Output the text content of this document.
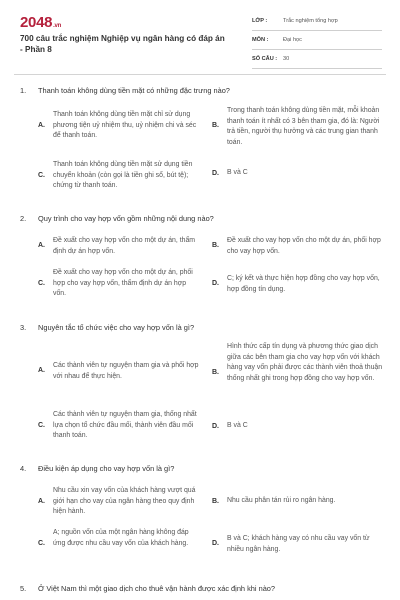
2048.vn
700 câu trắc nghiệm Nghiệp vụ ngân hàng có đáp án - Phần 8
LỚP :	Trắc nghiệm tổng hợp
MÔN :	Đại học
SỐ CÂU :	30
1. Thanh toán không dùng tiền mặt có những đặc trưng nào?
A.
Thanh toán không dùng tiền mặt chỉ sử dụng phương tiện uỷ nhiệm thu, uỷ nhiệm chi và séc để thanh toán.
B.
Trong thanh toán không dùng tiền mặt, mỗi khoản thanh toán ít nhất có 3 bên tham gia, đó là: Người trả tiền, người thụ hưởng và các trung gian thanh toán.
C.
Thanh toán không dùng tiền mặt sử dụng tiền chuyển khoản (còn gọi là tiền ghi sổ, bút tệ); chứng từ thanh toán.
D. B và C
2. Quy trình cho vay hợp vốn gồm những nội dung nào?
A.
Đề xuất cho vay hợp vốn cho một dự án, thẩm định dự án hợp vốn.
B.
Đề xuất cho vay hợp vốn cho một dự án, phối hợp cho vay hợp vốn.
C.
Đề xuất cho vay hợp vốn cho một dự án, phối hợp cho vay hợp vốn, thẩm định dự án hợp vốn.
D.
C; ký kết và thực hiện hợp đồng cho vay hợp vốn, hợp đồng tín dụng.
3. Nguyên tắc tổ chức việc cho vay hợp vốn là gì?
A.
Các thành viên tự nguyện tham gia và phối hợp với nhau để thực hiện.	B.
Hình thức cấp tín dụng và phương thức giao dịch giữa các bên tham gia cho vay hợp vốn với khách hàng vay vốn phải được các thành viên thoả thuận thống nhất ghi trong hợp đồng cho vay hợp vốn.
C.
Các thành viên tự nguyện tham gia, thống nhất lựa chọn tổ chức đầu mối, thành viên đầu mối thanh toán.
D. B và C
4. Điều kiện áp dụng cho vay hợp vốn là gì?
A.
Nhu cầu xin vay vốn của khách hàng vượt quá giới hạn cho vay của ngân hàng theo quy định hiện hành.
B. Nhu cầu phân tán rủi ro ngân hàng.
C.
A; nguồn vốn của một ngân hàng không đáp ứng được nhu cầu vay vốn của khách hàng.	D.
B và C; khách hàng vay có nhu cầu vay vốn từ nhiều ngân hàng.
5. Ở Việt Nam thì một giao dịch cho thuê vận hành được xác định khi nào?
